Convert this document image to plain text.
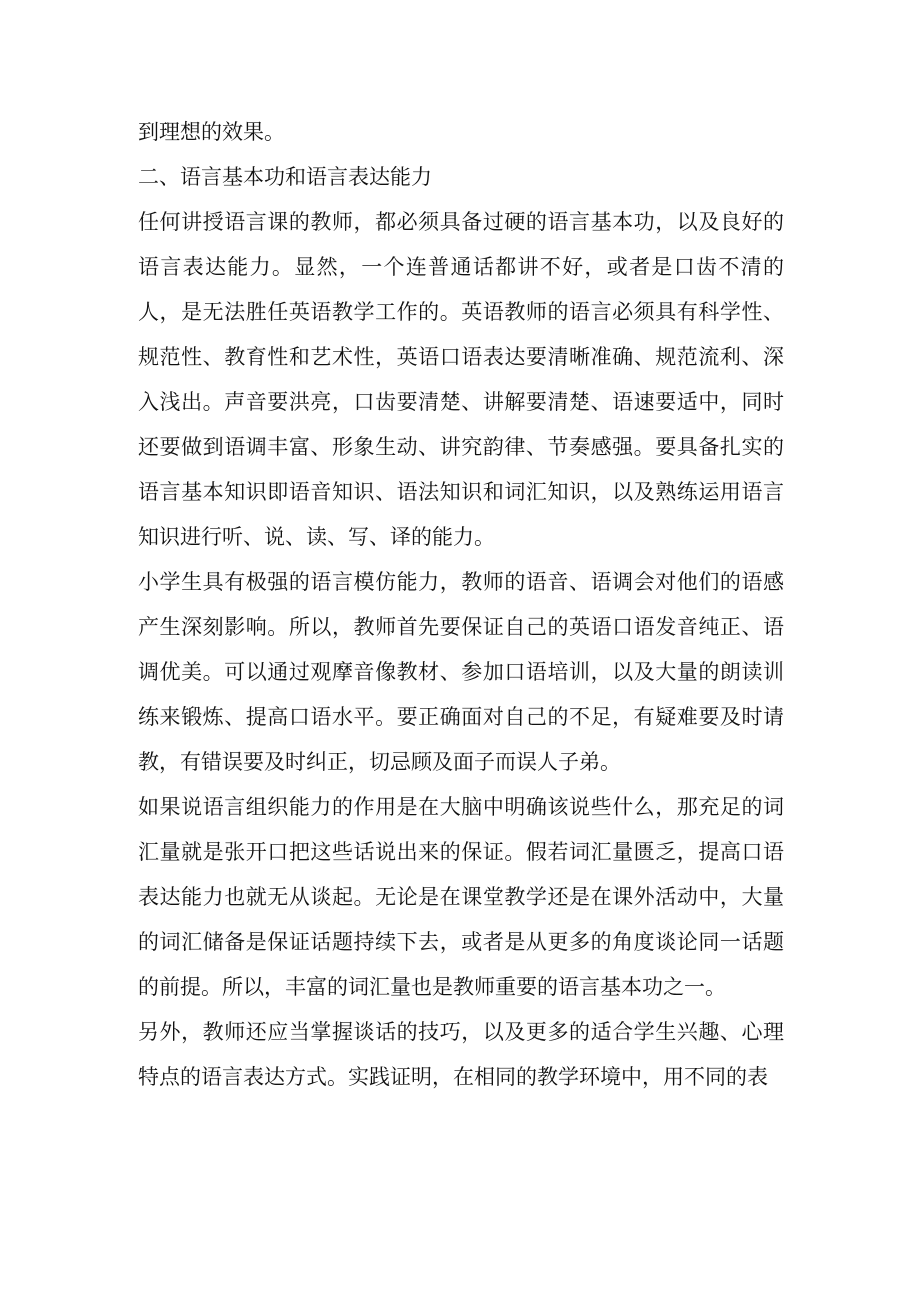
到理想的效果。

二、语言基本功和语言表达能力

任何讲授语言课的教师，都必须具备过硬的语言基本功，以及良好的语言表达能力。显然，一个连普通话都讲不好，或者是口齿不清的人，是无法胜任英语教学工作的。英语教师的语言必须具有科学性、规范性、教育性和艺术性，英语口语表达要清晰准确、规范流利、深入浅出。声音要洪亮，口齿要清楚、讲解要清楚、语速要适中，同时还要做到语调丰富、形象生动、讲究韵律、节奏感强。要具备扎实的语言基本知识即语音知识、语法知识和词汇知识，以及熟练运用语言知识进行听、说、读、写、译的能力。

小学生具有极强的语言模仿能力，教师的语音、语调会对他们的语感产生深刻影响。所以，教师首先要保证自己的英语口语发音纯正、语调优美。可以通过观摩音像教材、参加口语培训，以及大量的朗读训练来锻炼、提高口语水平。要正确面对自己的不足，有疑难要及时请教，有错误要及时纠正，切忌顾及面子而误人子弟。

如果说语言组织能力的作用是在大脑中明确该说些什么，那充足的词汇量就是张开口把这些话说出来的保证。假若词汇量匮乏，提高口语表达能力也就无从谈起。无论是在课堂教学还是在课外活动中，大量的词汇储备是保证话题持续下去，或者是从更多的角度谈论同一话题的前提。所以，丰富的词汇量也是教师重要的语言基本功之一。

另外，教师还应当掌握谈话的技巧，以及更多的适合学生兴趣、心理特点的语言表达方式。实践证明，在相同的教学环境中，用不同的表
